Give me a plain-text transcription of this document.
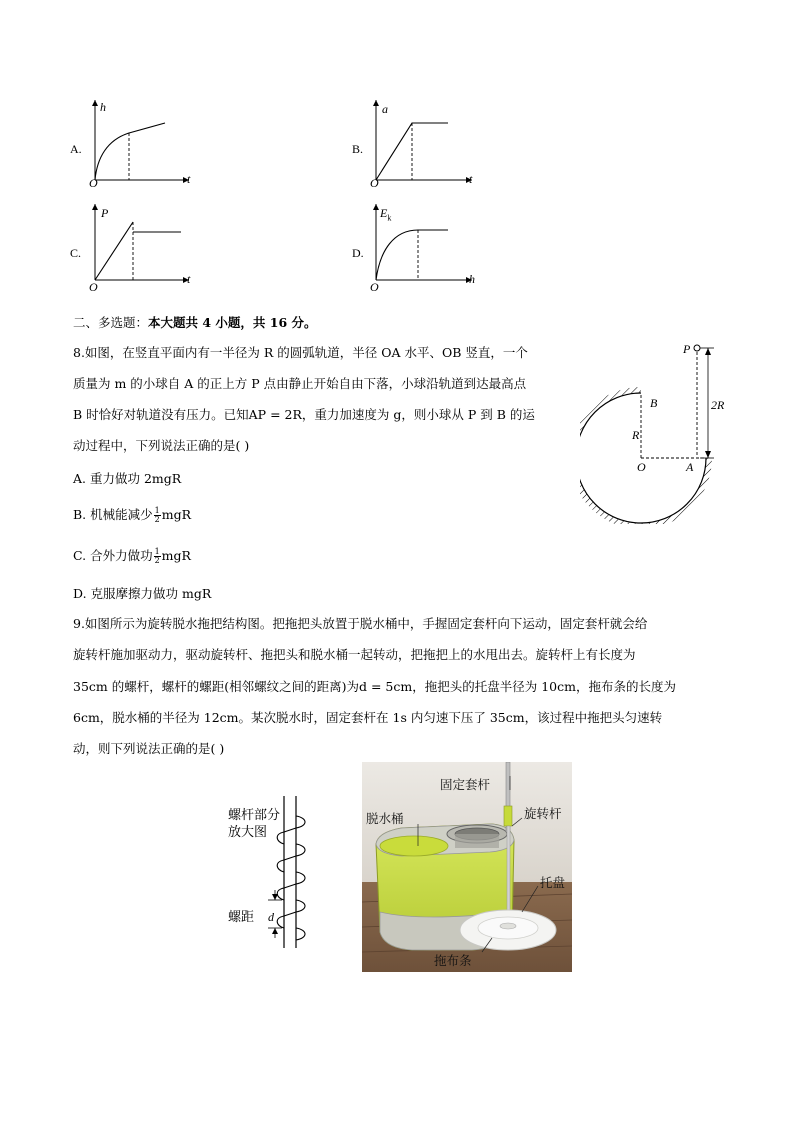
A.
h
t
O
B.
a
t
O
C.
P
t
O
D.
$E_k$
h
O
二、多选题：本大题共 4 小题，共 16 分。
8.如图，在竖直平面内有一半径为 R 的圆弧轨道，半径 OA 水平、OB 竖直，一个
质量为 m 的小球自 A 的正上方 P 点由静止开始自由下落，小球沿轨道到达最高点
B 时恰好对轨道没有压力。已知AP = 2R，重力加速度为 g，则小球从 P 到 B 的运
动过程中，下列说法正确的是( )
A. 重力做功 2mgR
B. 机械能减少 $\frac{1}{2}$ mgR
C. 合外力做功 $\frac{1}{2}$ mgR
D. 克服摩擦力做功 mgR
P
B
R
2R
O	A
9.如图所示为旋转脱水拖把结构图。把拖把头放置于脱水桶中，手握固定套杆向下运动，固定套杆就会给
旋转杆施加驱动力，驱动旋转杆、拖把头和脱水桶一起转动，把拖把上的水甩出去。旋转杆上有长度为
35cm 的螺杆，螺杆的螺距(相邻螺纹之间的距离)为d = 5cm，拖把头的托盘半径为 10cm，拖布条的长度为
6cm，脱水桶的半径为 12cm。某次脱水时，固定套杆在 1s 内匀速下压了 35cm，该过程中拖把头匀速转
动，则下列说法正确的是( )
螺杆部分
放大图
螺距 d
固定套杆
脱水桶	旋转杆
托盘
拖布条
